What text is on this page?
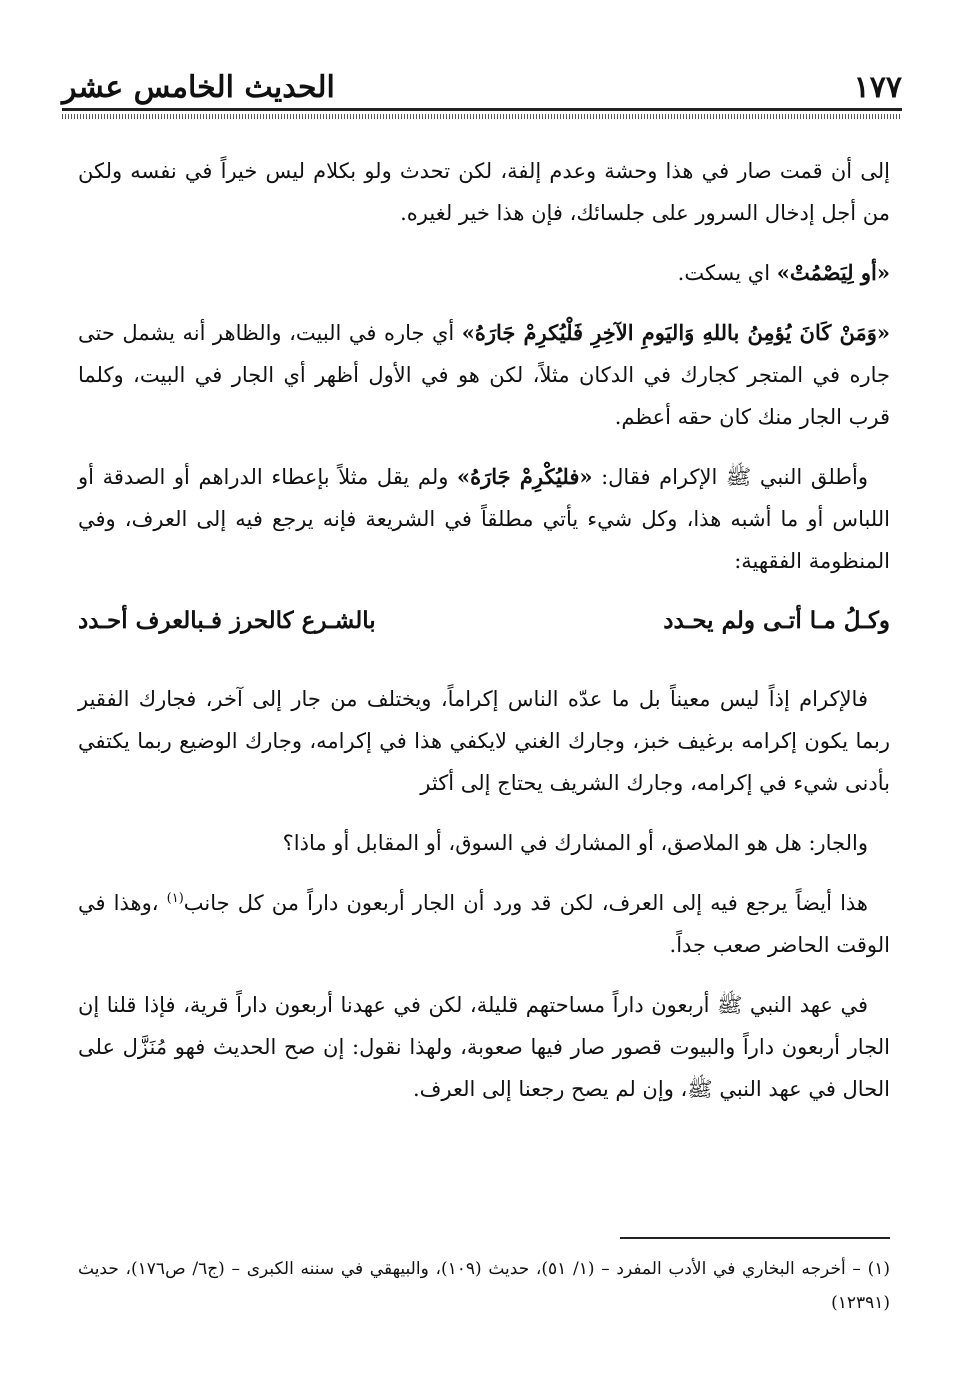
الحديث الخامس عشر	١٧٧

إلى أن قمت صار في هذا وحشة وعدم إلفة، لكن تحدث ولو بكلام ليس خيراً في نفسه ولكن من أجل إدخال السرور على جلسائك، فإن هذا خير لغيره.

«أو لِيَصْمُتْ» اي يسكت.

«وَمَنْ كَانَ يُؤمِنُ باللهِ وَاليَومِ الآخِرِ فَلْيُكرِمْ جَارَهُ» أي جاره في البيت، والظاهر أنه يشمل حتى جاره في المتجر كجارك في الدكان مثلاً، لكن هو في الأول أظهر أي الجار في البيت، وكلما قرب الجار منك كان حقه أعظم.

وأطلق النبي ﷺ الإكرام فقال: «فليُكْرِمْ جَارَهُ» ولم يقل مثلاً بإعطاء الدراهم أو الصدقة أو اللباس أو ما أشبه هذا، وكل شيء يأتي مطلقاً في الشريعة فإنه يرجع فيه إلى العرف، وفي المنظومة الفقهية:

وكـلُ مـا أتـى ولم يحـدد
بالشـرع كالحرز فـبالعرف أحـدد

فالإكرام إذاً ليس معيناً بل ما عدّه الناس إكراماً، ويختلف من جار إلى آخر، فجارك الفقير ربما يكون إكرامه برغيف خبز، وجارك الغني لايكفي هذا في إكرامه، وجارك الوضيع ربما يكتفي بأدنى شيء في إكرامه، وجارك الشريف يحتاج إلى أكثر

والجار: هل هو الملاصق، أو المشارك في السوق، أو المقابل أو ماذا؟

هذا أيضاً يرجع فيه إلى العرف، لكن قد ورد أن الجار أربعون داراً من كل جانب$^{(١)}$ ،وهذا في الوقت الحاضر صعب جداً.

في عهد النبي ﷺ أربعون داراً مساحتهم قليلة، لكن في عهدنا أربعون داراً قرية، فإذا قلنا إن الجار أربعون داراً والبيوت قصور صار فيها صعوبة، ولهذا نقول: إن صح الحديث فهو مُنَزَّل على الحال في عهد النبي ﷺ، وإن لم يصح رجعنا إلى العرف.

(١) – أخرجه البخاري في الأدب المفرد – (١/ ٥١)، حديث (١٠٩)، والبيهقي في سننه الكبرى – (ج٦/ ص١٧٦)، حديث (١٢٣٩١)
